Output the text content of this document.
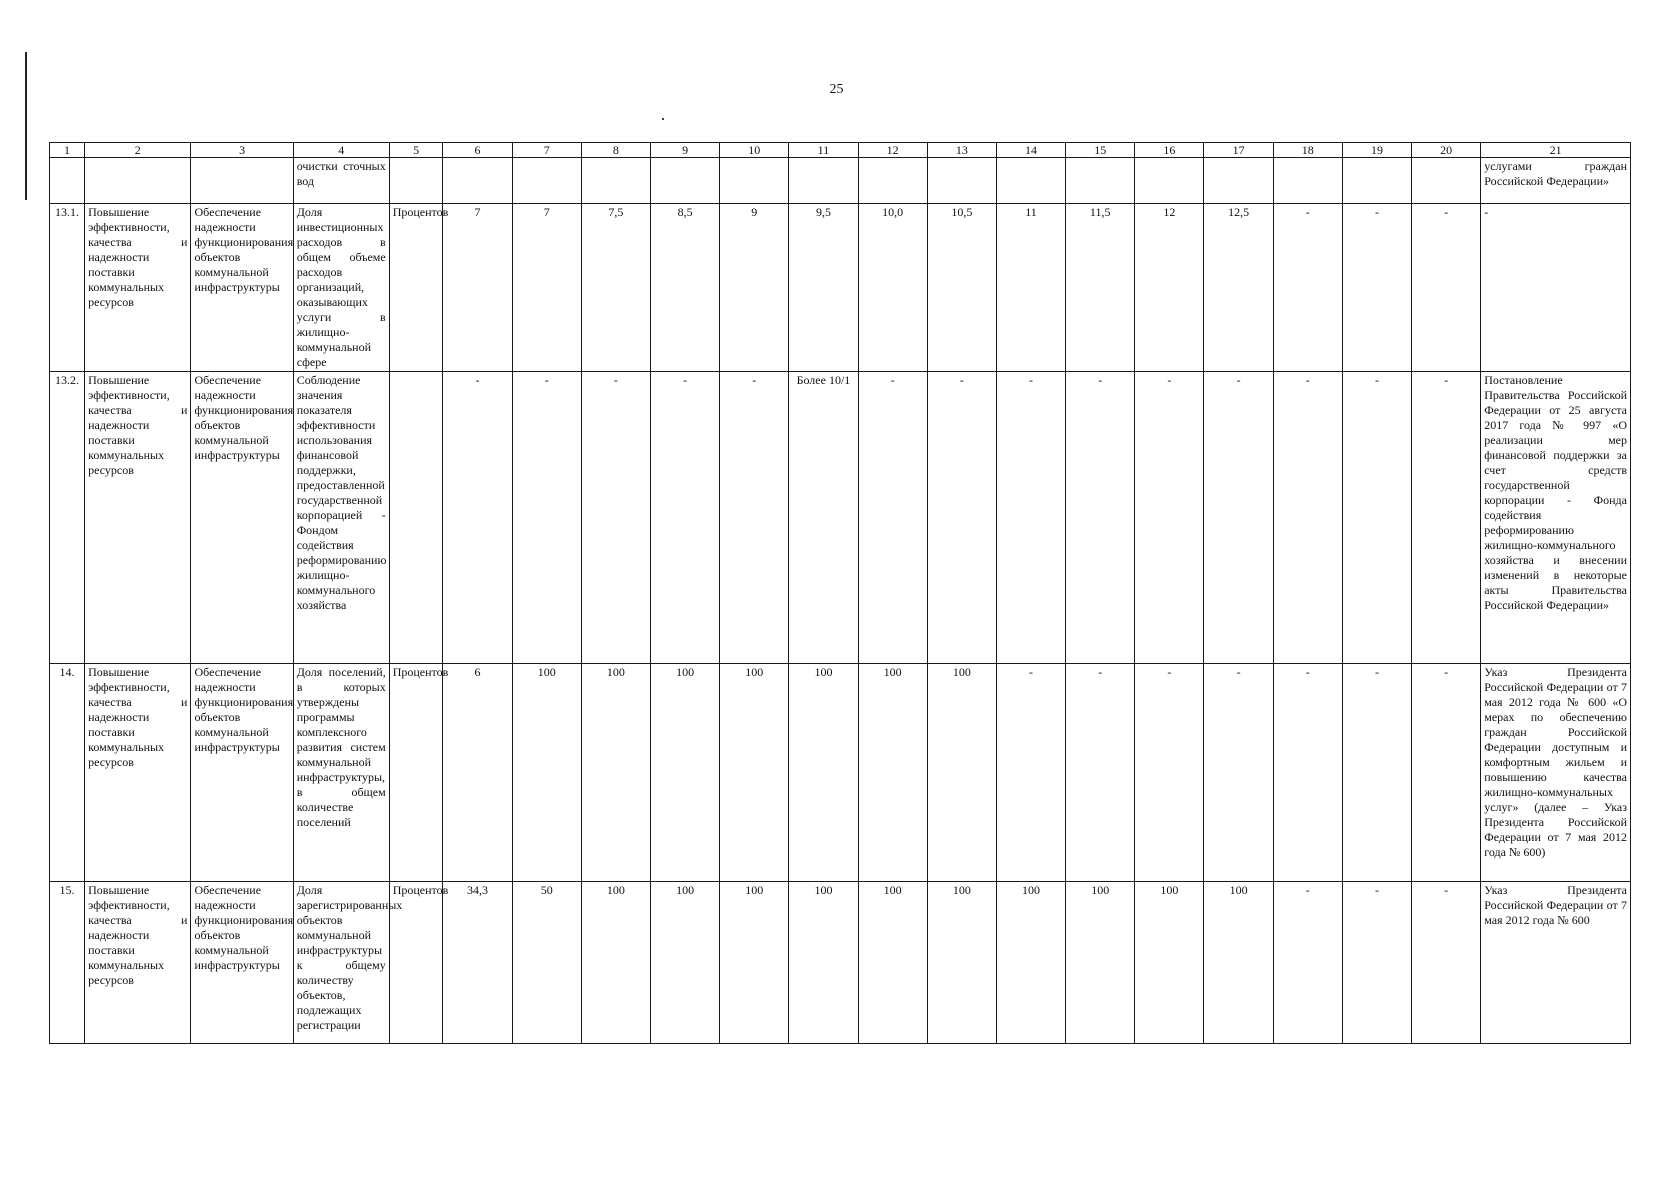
25
1	2	3	4	5	6	7	8	9	10	11	12	13	14	15	16	17	18	19	20	21
			очистки сточных вод																	услугами граждан Российской Федерации»
13.1.	Повышение эффективности, качества и надежности поставки коммунальных ресурсов	Обеспечение надежности функционирования объектов коммунальной инфраструктуры	Доля инвестиционных расходов в общем объеме расходов организаций, оказывающих услуги в жилищно-коммунальной сфере	Процентов	7	7	7,5	8,5	9	9,5	10,0	10,5	11	11,5	12	12,5	-	-	-	-
13.2.	Повышение эффективности, качества и надежности поставки коммунальных ресурсов	Обеспечение надежности функционирования объектов коммунальной инфраструктуры	Соблюдение значения показателя эффективности использования финансовой поддержки, предоставленной государственной корпорацией - Фондом содействия реформированию жилищно-коммунального хозяйства		-	-	-	-	-	Более 10/1	-	-	-	-	-	-	-	-	-	Постановление Правительства Российской Федерации от 25 августа 2017 года № 997 «О реализации мер финансовой поддержки за счет средств государственной корпорации - Фонда содействия реформированию жилищно-коммунального хозяйства и внесении изменений в некоторые акты Правительства Российской Федерации»
14.	Повышение эффективности, качества и надежности поставки коммунальных ресурсов	Обеспечение надежности функционирования объектов коммунальной инфраструктуры	Доля поселений, в которых утверждены программы комплексного развития систем коммунальной инфраструктуры, в общем количестве поселений	Процентов	6	100	100	100	100	100	100	100	-	-	-	-	-	-	-	Указ Президента Российской Федерации от 7 мая 2012 года № 600 «О мерах по обеспечению граждан Российской Федерации доступным и комфортным жильем и повышению качества жилищно-коммунальных услуг» (далее – Указ Президента Российской Федерации от 7 мая 2012 года № 600)
15.	Повышение эффективности, качества и надежности поставки коммунальных ресурсов	Обеспечение надежности функционирования объектов коммунальной инфраструктуры	Доля зарегистрированных объектов коммунальной инфраструктуры к общему количеству объектов, подлежащих регистрации	Процентов	34,3	50	100	100	100	100	100	100	100	100	100	100	-	-	-	Указ Президента Российской Федерации от 7 мая 2012 года № 600
